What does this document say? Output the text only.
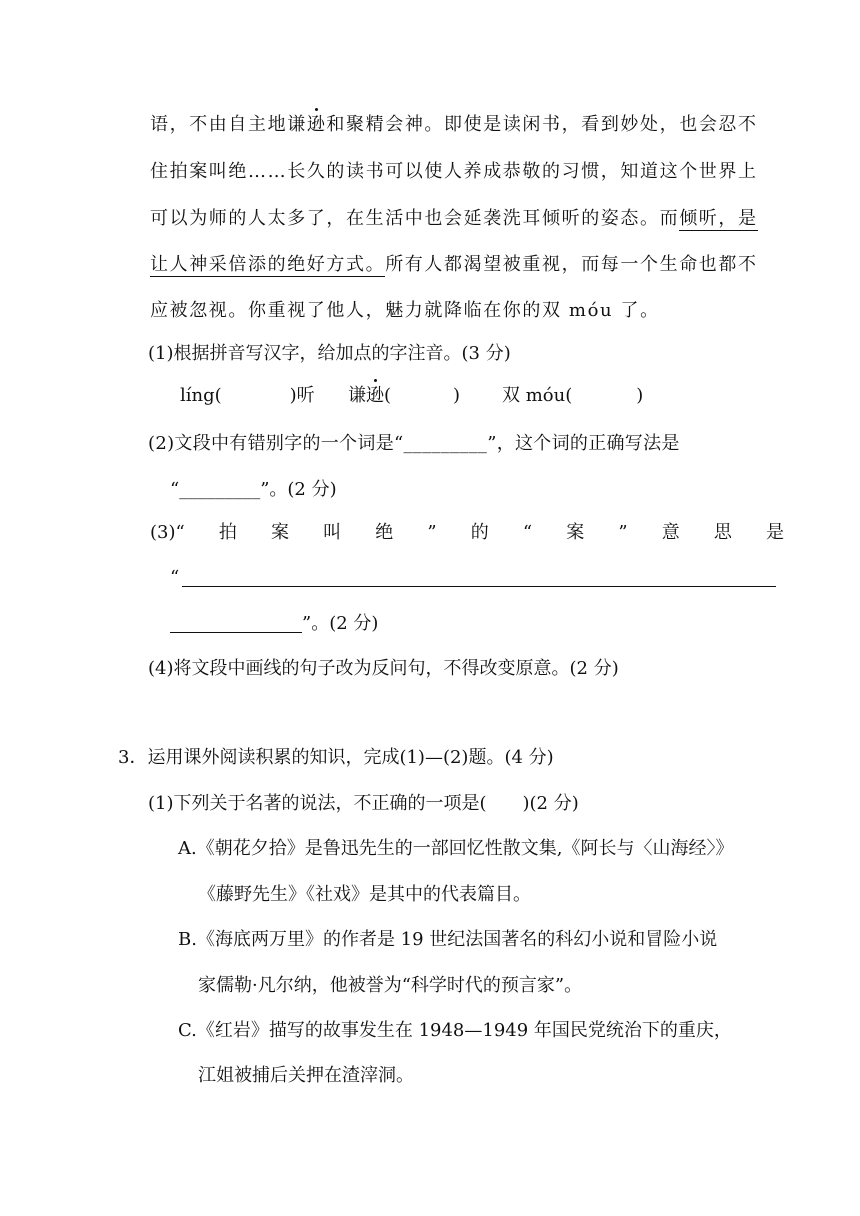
语，不由自主地谦逊和聚精会神。即使是读闲书，看到妙处，也会忍不
住拍案叫绝……长久的读书可以使人养成恭敬的习惯，知道这个世界上
可以为师的人太多了，在生活中也会延袭洗耳倾听的姿态。而倾听，是
让人神采倍添的绝好方式。所有人都渴望被重视，而每一个生命也都不
应被忽视。你重视了他人，魅力就降临在你的双 móu 了。
(1)根据拼音写汉字，给加点的字注音。(3 分)
líng(	)听 谦逊(	) 双 móu(	)
(2)文段中有错别字的一个词是“_________”，这个词的正确写法是
“_________”。(2 分)
(3)“ 拍 案 叫 绝 ” 的 “ 案 ” 意 思 是
“
”。(2 分)
(4)将文段中画线的句子改为反问句，不得改变原意。(2 分)
3．运用课外阅读积累的知识，完成(1)—(2)题。(4 分)
(1)下列关于名著的说法，不正确的一项是(　　)(2 分)
A.《朝花夕拾》是鲁迅先生的一部回忆性散文集,《阿长与〈山海经〉》
《藤野先生》《社戏》是其中的代表篇目。
B.《海底两万里》的作者是 19 世纪法国著名的科幻小说和冒险小说
家儒勒·凡尔纳，他被誉为“科学时代的预言家”。
C.《红岩》描写的故事发生在 1948—1949 年国民党统治下的重庆，
江姐被捕后关押在渣滓洞。
